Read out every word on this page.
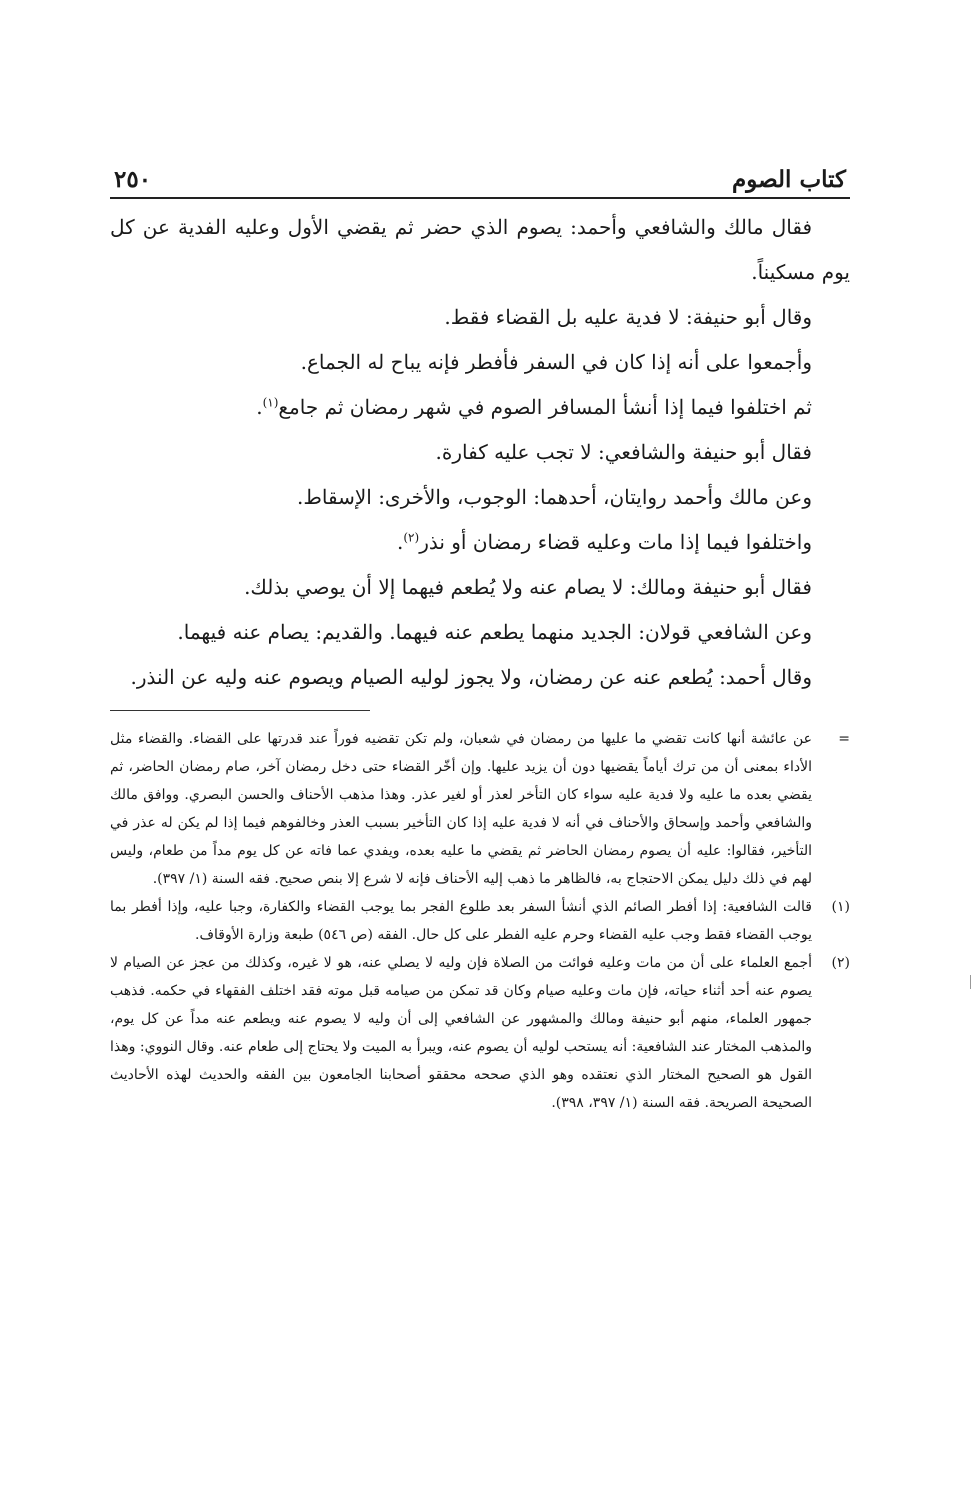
كتاب الصوم
٢٥٠

فقال مالك والشافعي وأحمد: يصوم الذي حضر ثم يقضي الأول وعليه الفدية عن كل يوم مسكيناً.

وقال أبو حنيفة: لا فدية عليه بل القضاء فقط.

وأجمعوا على أنه إذا كان في السفر فأفطر فإنه يباح له الجماع.

ثم اختلفوا فيما إذا أنشأ المسافر الصوم في شهر رمضان ثم جامع$^{(١)}$.

فقال أبو حنيفة والشافعي: لا تجب عليه كفارة.

وعن مالك وأحمد روايتان، أحدهما: الوجوب، والأخرى: الإسقاط.

واختلفوا فيما إذا مات وعليه قضاء رمضان أو نذر$^{(٢)}$.

فقال أبو حنيفة ومالك: لا يصام عنه ولا يُطعم فيهما إلا أن يوصي بذلك.

وعن الشافعي قولان: الجديد منهما يطعم عنه فيهما. والقديم: يصام عنه فيهما.

وقال أحمد: يُطعم عنه عن رمضان، ولا يجوز لوليه الصيام ويصوم عنه وليه عن النذر.

=

عن عائشة أنها كانت تقضي ما عليها من رمضان في شعبان، ولم تكن تقضيه فوراً عند قدرتها على القضاء. والقضاء مثل الأداء بمعنى أن من ترك أياماً يقضيها دون أن يزيد عليها. وإن أخّر القضاء حتى دخل رمضان آخر، صام رمضان الحاضر، ثم يقضي بعده ما عليه ولا فدية عليه سواء كان التأخر لعذر أو لغير عذر. وهذا مذهب الأحناف والحسن البصري. ووافق مالك والشافعي وأحمد وإسحاق والأحناف في أنه لا فدية عليه إذا كان التأخير بسبب العذر وخالفوهم فيما إذا لم يكن له عذر في التأخير، فقالوا: عليه أن يصوم رمضان الحاضر ثم يقضي ما عليه بعده، ويفدي عما فاته عن كل يوم مداً من طعام، وليس لهم في ذلك دليل يمكن الاحتجاج به، فالظاهر ما ذهب إليه الأحناف فإنه لا شرع إلا بنص صحيح. فقه السنة (١/ ٣٩٧).

(١)

قالت الشافعية: إذا أفطر الصائم الذي أنشأ السفر بعد طلوع الفجر بما يوجب القضاء والكفارة، وجبا عليه، وإذا أفطر بما يوجب القضاء فقط وجب عليه القضاء وحرم عليه الفطر على كل حال. الفقه (ص ٥٤٦) طبعة وزارة الأوقاف.

(٢)

أجمع العلماء على أن من مات وعليه فوائت من الصلاة فإن وليه لا يصلي عنه، هو لا غيره، وكذلك من عجز عن الصيام لا يصوم عنه أحد أثناء حياته، فإن مات وعليه صيام وكان قد تمكن من صيامه قبل موته فقد اختلف الفقهاء في حكمه. فذهب جمهور العلماء، منهم أبو حنيفة ومالك والمشهور عن الشافعي إلى أن وليه لا يصوم عنه ويطعم عنه مداً عن كل يوم، والمذهب المختار عند الشافعية: أنه يستحب لوليه أن يصوم عنه، ويبرأ به الميت ولا يحتاج إلى طعام عنه. وقال النووي: وهذا القول هو الصحيح المختار الذي نعتقده وهو الذي صححه محققو أصحابنا الجامعون بين الفقه والحديث لهذه الأحاديث الصحيحة الصريحة. فقه السنة (١/ ٣٩٧، ٣٩٨).
